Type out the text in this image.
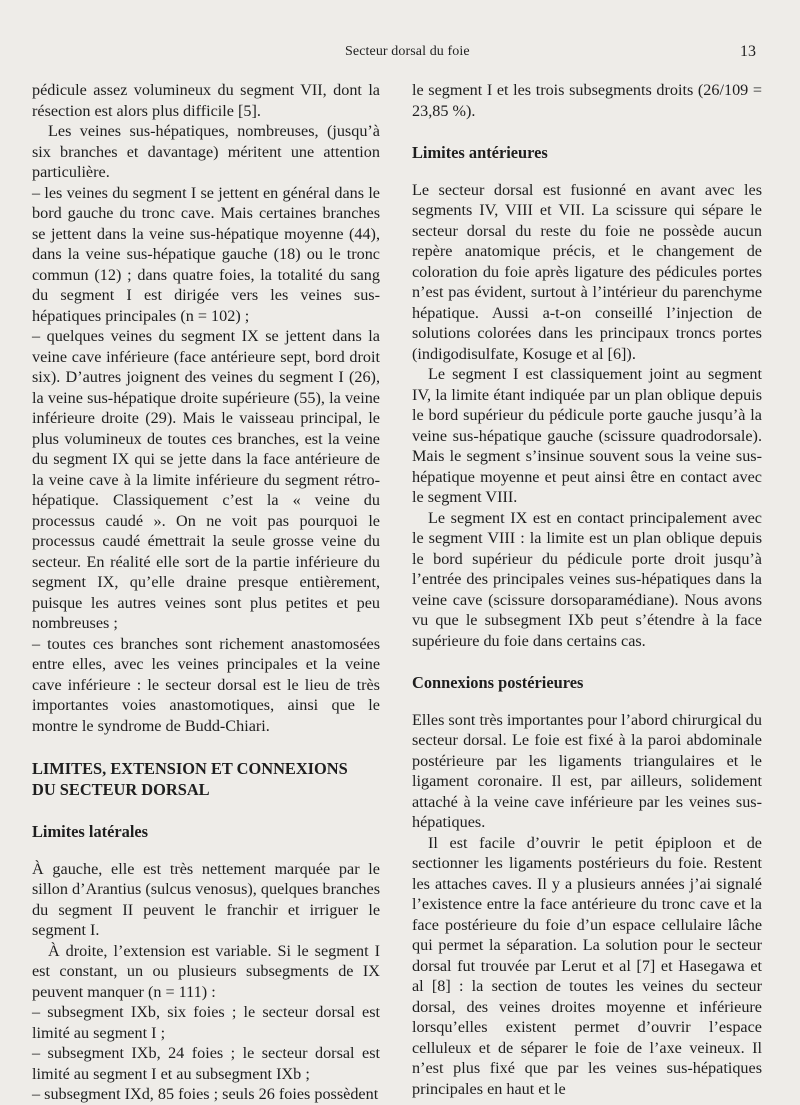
Secteur dorsal du foie	13

pédicule assez volumineux du segment VII, dont la résection est alors plus difficile [5].

Les veines sus-hépatiques, nombreuses, (jusqu’à six branches et davantage) méritent une attention particulière.

– les veines du segment I se jettent en général dans le bord gauche du tronc cave. Mais certaines branches se jettent dans la veine sus-hépatique moyenne (44), dans la veine sus-hépatique gauche (18) ou le tronc commun (12) ; dans quatre foies, la totalité du sang du segment I est dirigée vers les veines sus-hépatiques principales (n = 102) ;

– quelques veines du segment IX se jettent dans la veine cave inférieure (face antérieure sept, bord droit six). D’autres joignent des veines du segment I (26), la veine sus-hépatique droite supérieure (55), la veine inférieure droite (29). Mais le vaisseau principal, le plus volumineux de toutes ces branches, est la veine du segment IX qui se jette dans la face antérieure de la veine cave à la limite inférieure du segment rétro-hépatique. Classiquement c’est la « veine du processus caudé ». On ne voit pas pourquoi le processus caudé émettrait la seule grosse veine du secteur. En réalité elle sort de la partie inférieure du segment IX, qu’elle draine presque entièrement, puisque les autres veines sont plus petites et peu nombreuses ;

– toutes ces branches sont richement anastomosées entre elles, avec les veines principales et la veine cave inférieure : le secteur dorsal est le lieu de très importantes voies anastomotiques, ainsi que le montre le syndrome de Budd-Chiari.

LIMITES, EXTENSION ET CONNEXIONS

DU SECTEUR DORSAL

Limites latérales

À gauche, elle est très nettement marquée par le sillon d’Arantius (sulcus venosus), quelques branches du segment II peuvent le franchir et irriguer le segment I.

À droite, l’extension est variable. Si le segment I est constant, un ou plusieurs subsegments de IX peuvent manquer (n = 111) :

– subsegment IXb, six foies ; le secteur dorsal est limité au segment I ;

– subsegment IXb, 24 foies ; le secteur dorsal est limité au segment I et au subsegment IXb ;

– subsegment IXd, 85 foies ; seuls 26 foies possèdent

le segment I et les trois subsegments droits (26/109 = 23,85 %).

Limites antérieures

Le secteur dorsal est fusionné en avant avec les segments IV, VIII et VII. La scissure qui sépare le secteur dorsal du reste du foie ne possède aucun repère anatomique précis, et le changement de coloration du foie après ligature des pédicules portes n’est pas évident, surtout à l’intérieur du parenchyme hépatique. Aussi a-t-on conseillé l’injection de solutions colorées dans les principaux troncs portes (indigodisulfate, Kosuge et al [6]).

Le segment I est classiquement joint au segment IV, la limite étant indiquée par un plan oblique depuis le bord supérieur du pédicule porte gauche jusqu’à la veine sus-hépatique gauche (scissure quadrodorsale). Mais le segment s’insinue souvent sous la veine sus-hépatique moyenne et peut ainsi être en contact avec le segment VIII.

Le segment IX est en contact principalement avec le segment VIII : la limite est un plan oblique depuis le bord supérieur du pédicule porte droit jusqu’à l’entrée des principales veines sus-hépatiques dans la veine cave (scissure dorsoparamédiane). Nous avons vu que le subsegment IXb peut s’étendre à la face supérieure du foie dans certains cas.

Connexions postérieures

Elles sont très importantes pour l’abord chirurgical du secteur dorsal. Le foie est fixé à la paroi abdominale postérieure par les ligaments triangulaires et le ligament coronaire. Il est, par ailleurs, solidement attaché à la veine cave inférieure par les veines sus-hépatiques.

Il est facile d’ouvrir le petit épiploon et de sectionner les ligaments postérieurs du foie. Restent les attaches caves. Il y a plusieurs années j’ai signalé l’existence entre la face antérieure du tronc cave et la face postérieure du foie d’un espace cellulaire lâche qui permet la séparation. La solution pour le secteur dorsal fut trouvée par Lerut et al [7] et Hasegawa et al [8] : la section de toutes les veines du secteur dorsal, des veines droites moyenne et inférieure lorsqu’elles existent permet d’ouvrir l’espace celluleux et de séparer le foie de l’axe veineux. Il n’est plus fixé que par les veines sus-hépatiques principales en haut et le
